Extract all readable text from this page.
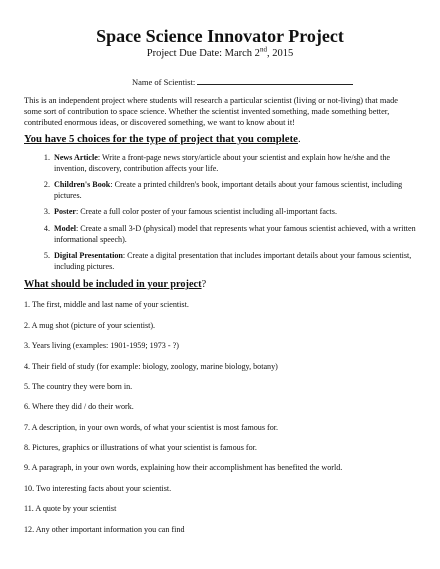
Space Science Innovator Project
Project Due Date: March 2nd, 2015
Name of Scientist:

This is an independent project where students will research a particular scientist (living or not-living) that made some sort of contribution to space science. Whether the scientist invented something, made something better, contributed enormous ideas, or discovered something, we want to know about it!

You have 5 choices for the type of project that you complete.
1. News Article: Write a front-page news story/article about your scientist and explain how he/she and the invention, discovery, contribution affects your life.
2. Children's Book: Create a printed children's book, important details about your famous scientist, including pictures.
3. Poster: Create a full color poster of your famous scientist including all-important facts.
4. Model: Create a small 3-D (physical) model that represents what your famous scientist achieved, with a written informational speech).
5. Digital Presentation: Create a digital presentation that includes important details about your famous scientist, including pictures.
What should be included in your project?
1. The first, middle and last name of your scientist.
2. A mug shot (picture of your scientist).
3. Years living (examples: 1901-1959; 1973 - ?)
4. Their field of study (for example: biology, zoology, marine biology, botany)
5. The country they were born in.
6. Where they did / do their work.
7. A description, in your own words, of what your scientist is most famous for.
8. Pictures, graphics or illustrations of what your scientist is famous for.
9. A paragraph, in your own words, explaining how their accomplishment has benefited the world.
10. Two interesting facts about your scientist.
11. A quote by your scientist
12. Any other important information you can find
